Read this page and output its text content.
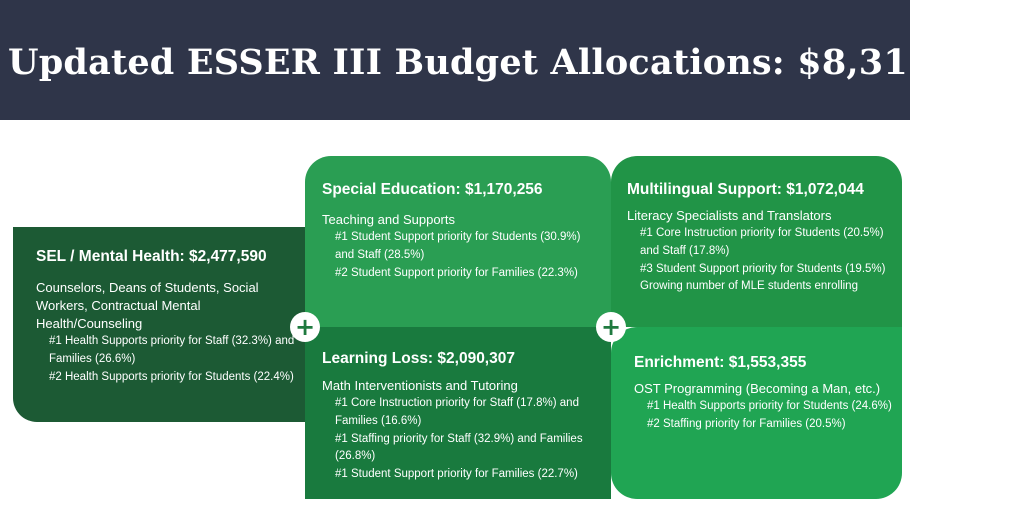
Updated ESSER III Budget Allocations: $8,316,741
SEL / Mental Health: $2,477,590

Counselors, Deans of Students, Social Workers, Contractual Mental Health/Counseling

#1 Health Supports priority for Staff (32.3%) and Families (26.6%)
#2 Health Supports priority for Students (22.4%)
Special Education: $1,170,256

Teaching and Supports

#1 Student Support priority for Students (30.9%) and Staff (28.5%)
#2 Student Support priority for Families (22.3%)
Learning Loss: $2,090,307

Math Interventionists and Tutoring

#1 Core Instruction priority for Staff (17.8%) and Families (16.6%)
#1 Staffing priority for Staff (32.9%) and Families (26.8%)
#1 Student Support priority for Families (22.7%)
Multilingual Support: $1,072,044

Literacy Specialists and Translators

#1 Core Instruction priority for Students (20.5%) and Staff (17.8%)
#3 Student Support priority for Students (19.5%)
Growing number of MLE students enrolling
Enrichment: $1,553,355

OST Programming (Becoming a Man, etc.)

#1 Health Supports priority for Students (24.6%)
#2 Staffing priority for Families (20.5%)
+	+
